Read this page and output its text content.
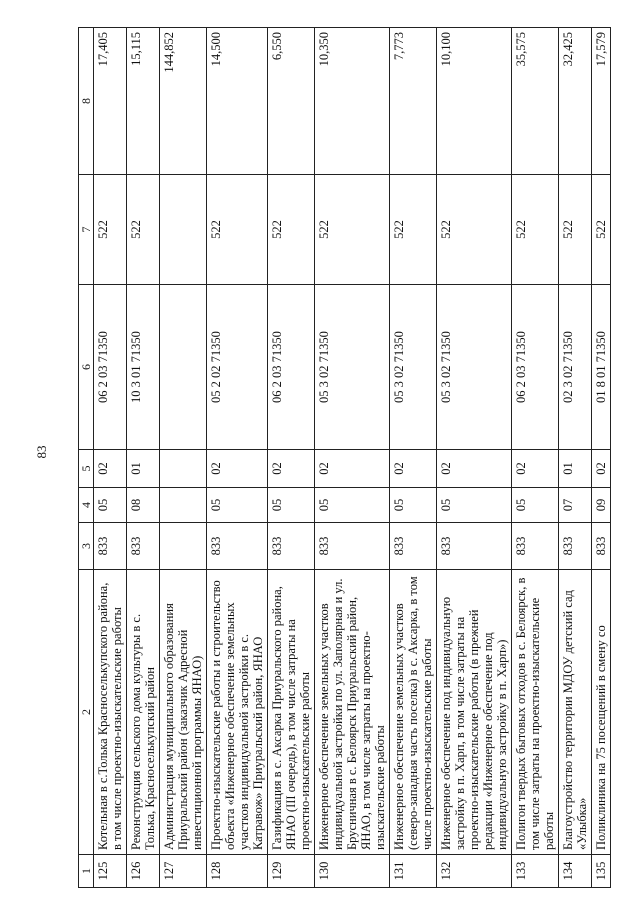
83
1	2	3	4	5	6	7	8
125	Котельная в с.Толька Красноселькупского района, в том числе проектно-изыскательские работы	833	05	02	06 2 03 71350	522	17,405
126	Реконструкция сельского дома культуры в с. Толька, Красноселькупский район	833	08	01	10 3 01 71350	522	15,115
127	Администрация муниципального образования Приуральский район (заказчик Адресной инвестиционной программы ЯНАО)						144,852
128	Проектно-изыскательские работы и строительство объекта «Инженерное обеспечение земельных участков индивидуальной застройки в с. Катравож» Приуральский район, ЯНАО	833	05	02	05 2 02 71350	522	14,500
129	Газификация в с. Аксарка Приуральского района, ЯНАО (III очередь), в том числе затраты на проектно-изыскательские работы	833	05	02	06 2 03 71350	522	6,550
130	Инженерное обеспечение земельных участков индивидуальной застройки по ул. Заполярная и ул. Брусничная в с. Белоярск Приуральский район, ЯНАО, в том числе затраты на проектно-изыскательские работы	833	05	02	05 3 02 71350	522	10,350
131	Инженерное обеспечение земельных участков (северо-западная часть поселка) в с. Аксарка, в том числе проектно-изыскательские работы	833	05	02	05 3 02 71350	522	7,773
132	Инженерное обеспечение под индивидуальную застройку в п. Харп, в том числе затраты на проектно-изыскательские работы (в прежней редакции «Инженерное обеспечение под индивидуальную застройку в п. Харп»)	833	05	02	05 3 02 71350	522	10,100
133	Полигон твердых бытовых отходов в с. Белоярск, в том числе затраты на проектно-изыскательские работы	833	05	02	06 2 03 71350	522	35,575
134	Благоустройство территории МДОУ детский сад «Улыбка»	833	07	01	02 3 02 71350	522	32,425
135	Поликлиника на 75 посещений в смену со	833	09	02	01 8 01 71350	522	17,579
